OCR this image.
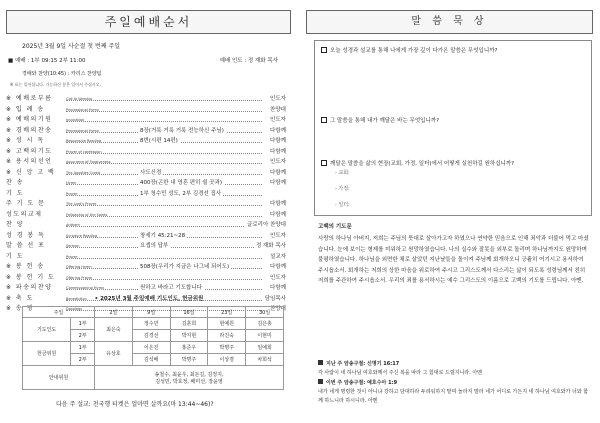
주일예배순서
2025년 3월 9일 사순절 첫 번째 주일
■ 예배 : 1부 09:15 2부 11:00	예배 인도 : 정 재화 목사
경배와 찬양(10:45) : 카리스 찬양팀
※ 표는 일어섭니다. 가능하신 분은 일어서 주십시오.
※ 예배로부름	Call to Worship	인도자
※ 입 례 송	Processional Hymn	찬양대
※ 예배의기원	Invocation	인도자
※ 경배의찬송	Processional Hymn	8장(거룩 거룩 거룩 전능하신 주님)	다함께
※ 성 시 독	Responsive Reading	8번(시편 14편)	다함께
※ 고백의기도	Prayer of confession	다함께
※ 용서의선언	Assurance of Forgiveness	인도자
※ 신 앙 고 백	The Apostles Creed	사도신경	다함께
찬 송	Hymn	400장(곤한 내 영혼 편히 쉴 곳과)	다함께
기 도	Prayer	1부 청수민 성도, 2부 김경선 집사
주 기 도 문	The Lord's Prayer	다함께
성도의교제	Fellowship of the Saints	다함께
찬 양	Anthem	글로리아 찬양대
성 경 봉 독	Scripture Reading	창세기 45:21~28	인도자
말 씀 선 포	Sermon	요셉의 답부	정 재화 목사
기 도	Prayer	설교자
※ 봉 헌 송	Offering Hymn	508장(우리가 지금은 나그네 되어도)	다함께
※ 봉 헌 기 도	Offering Prayer	인도자
※ 파송의찬양	Commissioning Hymn	원하고 바라고 기도합니다	다함께
※ 축 도	Benediction	담임목사
※ 송 영	Doxology	찬양대
• 2025년 3월 주일예배 기도인도, 헌금위원
주일		2일	9일	16일	23일	30일
기도인도	1부	최은숙	정수민	김훈희	현예원	김은총
	2부		김경선	박지현	라진숙	이현미
헌금위원	1부	유상호	이은진	홍준우	박명주	임예희
	2부		김석배	박명주	이상겸	차희석
안내위원		송철수, 최윤우, 최돈길, 김정지,
김성민, 박효정, 배미선, 장윤영				
다음 주 설교: 천국행 티켓은 얼마면 살까요(마 13:44~46)?
말 씀 묵 상
오늘 성경과 설교를 통해 나에게 가장 깊이 다가온 말씀은 무엇입니까?
그 말씀을 통해 내가 깨달은 바는 무엇입니까?
깨달은 말씀을 삶의 현장(교회, 가정, 일터)에서 어떻게 실천하길 원하십니까?
- 교회:
- 가정:
- 일터:
고백의 기도문
사랑의 하나님 아버지, 저희는 주님의 뜻대로 살아가고자 하였으나 연약한 믿음으로 인해 죄악과 더불어 먹고 마셨습니다. 눈에 보이는 형제를 미워하고 원망하였습니다. 나의 실수와 잘못을 외부로 돌리며 하나님까지도 원망하며 불평하였습니다. 하나님을 외면한 채로 살았던 지난날들을 돌이켜 주님께 회개하오니 긍휼히 여기시고 용서하여 주시옵소서. 회개하는 저희의 상한 마음을 위로하여 주시고 그리스도께서 다스리는 삶이 되도록 성령님께서 친히 저희를 주관하여 주시옵소서. 우리의 죄를 용서하시는 예수 그리스도의 이름으로 고백의 기도를 드립니다. 아멘.
지난 주 암송구절: 신명기 16:17
각 사람이 네 하나님 여호와께서 주신 복을 따라 그 힘대로 드릴지니라. 아멘
이번 주 암송구절: 예호수아 1:9
내가 네게 명령한 것이 아니냐 강하고 담대하라 두려워하지 말며 놀라지 말라 네가 어디로 가든지 네 하나님 여호와가 너와 함께 하느니라 하시니라. 아멘
